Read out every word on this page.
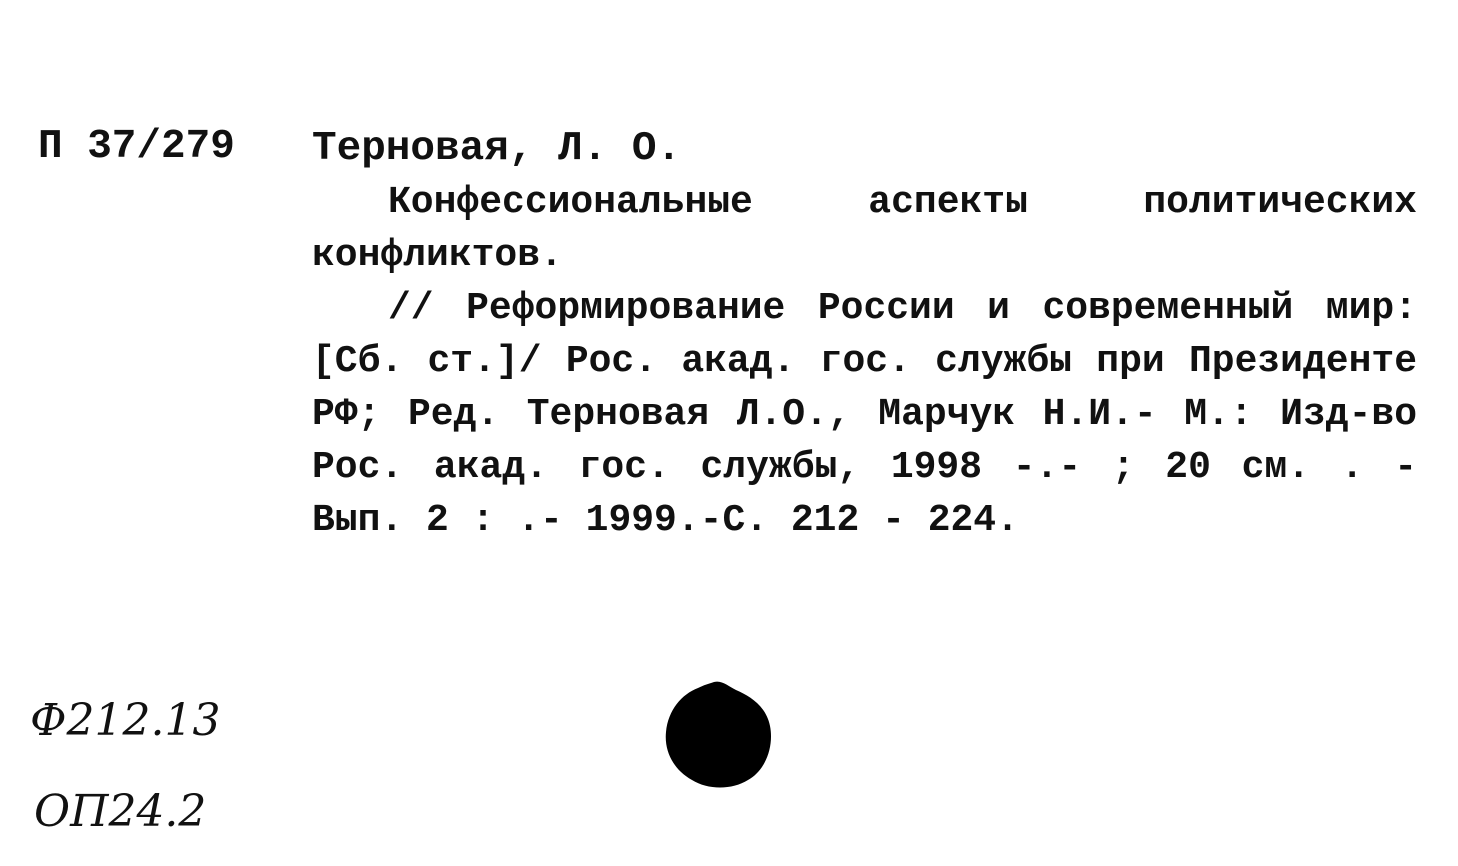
П 37/279 Терновая, Л. О.

Конфессиональные аспекты политических конфликтов.

// Реформирование России и современный мир: [Сб. ст.]/ Рос. акад. гос. службы при Президенте РФ; Ред. Терновая Л.О., Марчук Н.И.- М.: Изд-во Рос. акад. гос. службы, 1998 -.- ; 20 см. . - Вып. 2 : .- 1999.-С. 212 - 224.

Ф212.13
ОП24.2
